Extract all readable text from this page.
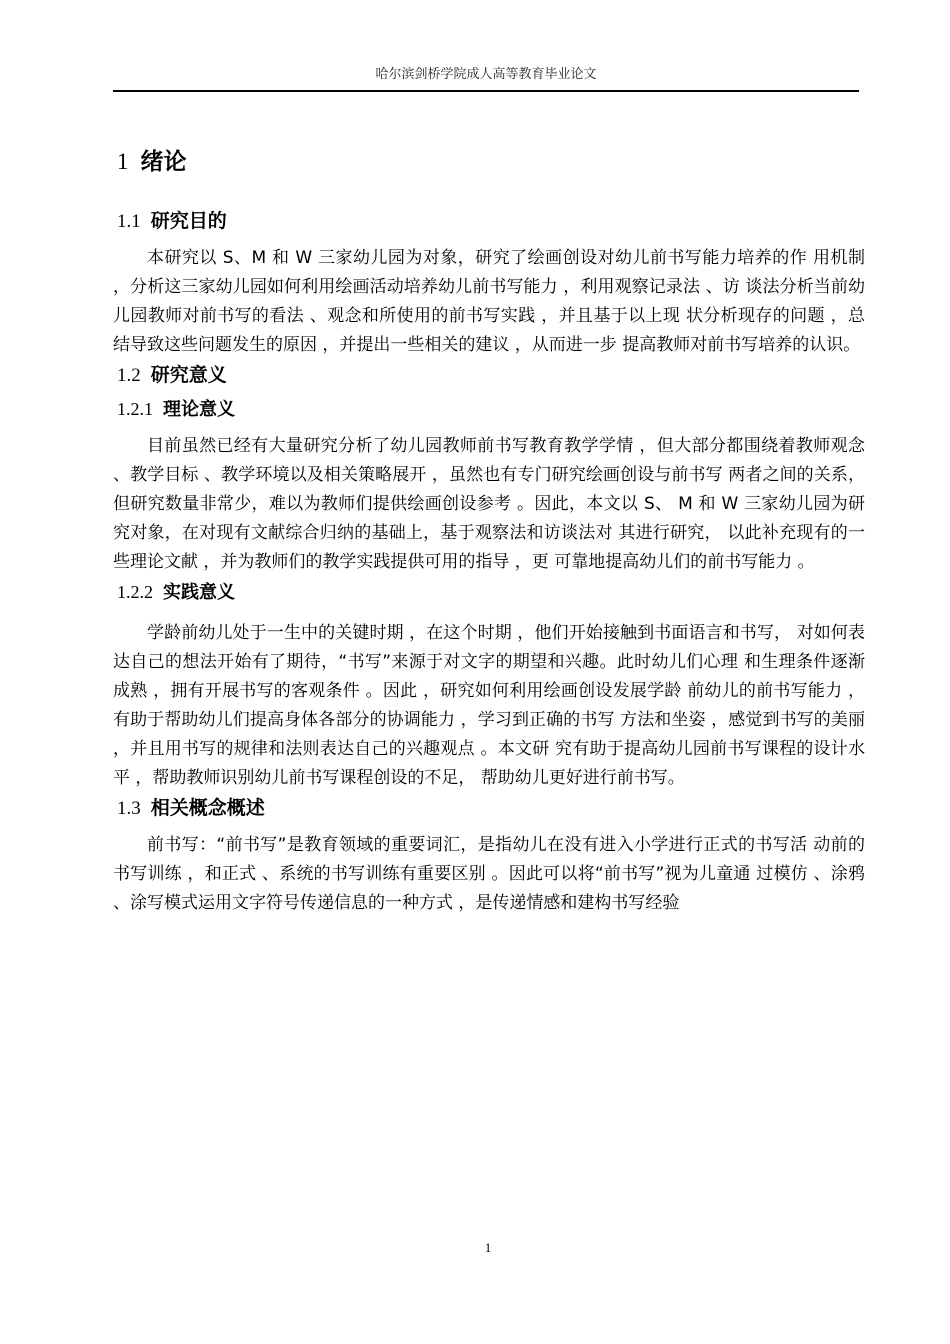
哈尔滨剑桥学院成人高等教育毕业论文
1 绪论
1.1 研究目的

本研究以 S、M 和 W 三家幼儿园为对象，研究了绘画创设对幼儿前书写能力培养的作 用机制 ，分析这三家幼儿园如何利用绘画活动培养幼儿前书写能力 ，利用观察记录法 、访 谈法分析当前幼儿园教师对前书写的看法 、观念和所使用的前书写实践 ，并且基于以上现 状分析现存的问题 ，总结导致这些问题发生的原因 ，并提出一些相关的建议 ，从而进一步 提高教师对前书写培养的认识。

1.2 研究意义
1.2.1 理论意义

目前虽然已经有大量研究分析了幼儿园教师前书写教育教学学情 ，但大部分都围绕着教师观念 、教学目标 、教学环境以及相关策略展开 ，虽然也有专门研究绘画创设与前书写 两者之间的关系，但研究数量非常少，难以为教师们提供绘画创设参考 。因此，本文以 S、 M 和 W 三家幼儿园为研究对象，在对现有文献综合归纳的基础上，基于观察法和访谈法对 其进行研究， 以此补充现有的一些理论文献 ，并为教师们的教学实践提供可用的指导 ，更 可靠地提高幼儿们的前书写能力 。

1.2.2 实践意义

学龄前幼儿处于一生中的关键时期 ，在这个时期 ，他们开始接触到书面语言和书写， 对如何表达自己的想法开始有了期待，“书写”来源于对文字的期望和兴趣。此时幼儿们心理 和生理条件逐渐成熟 ，拥有开展书写的客观条件 。因此 ，研究如何利用绘画创设发展学龄 前幼儿的前书写能力 ，有助于帮助幼儿们提高身体各部分的协调能力 ，学习到正确的书写 方法和坐姿 ，感觉到书写的美丽 ，并且用书写的规律和法则表达自己的兴趣观点 。本文研 究有助于提高幼儿园前书写课程的设计水平 ，帮助教师识别幼儿前书写课程创设的不足， 帮助幼儿更好进行前书写。

1.3 相关概念概述

前书写：“前书写”是教育领域的重要词汇，是指幼儿在没有进入小学进行正式的书写活 动前的书写训练 ，和正式 、系统的书写训练有重要区别 。因此可以将“前书写”视为儿童通 过模仿 、涂鸦 、涂写模式运用文字符号传递信息的一种方式 ，是传递情感和建构书写经验

1
